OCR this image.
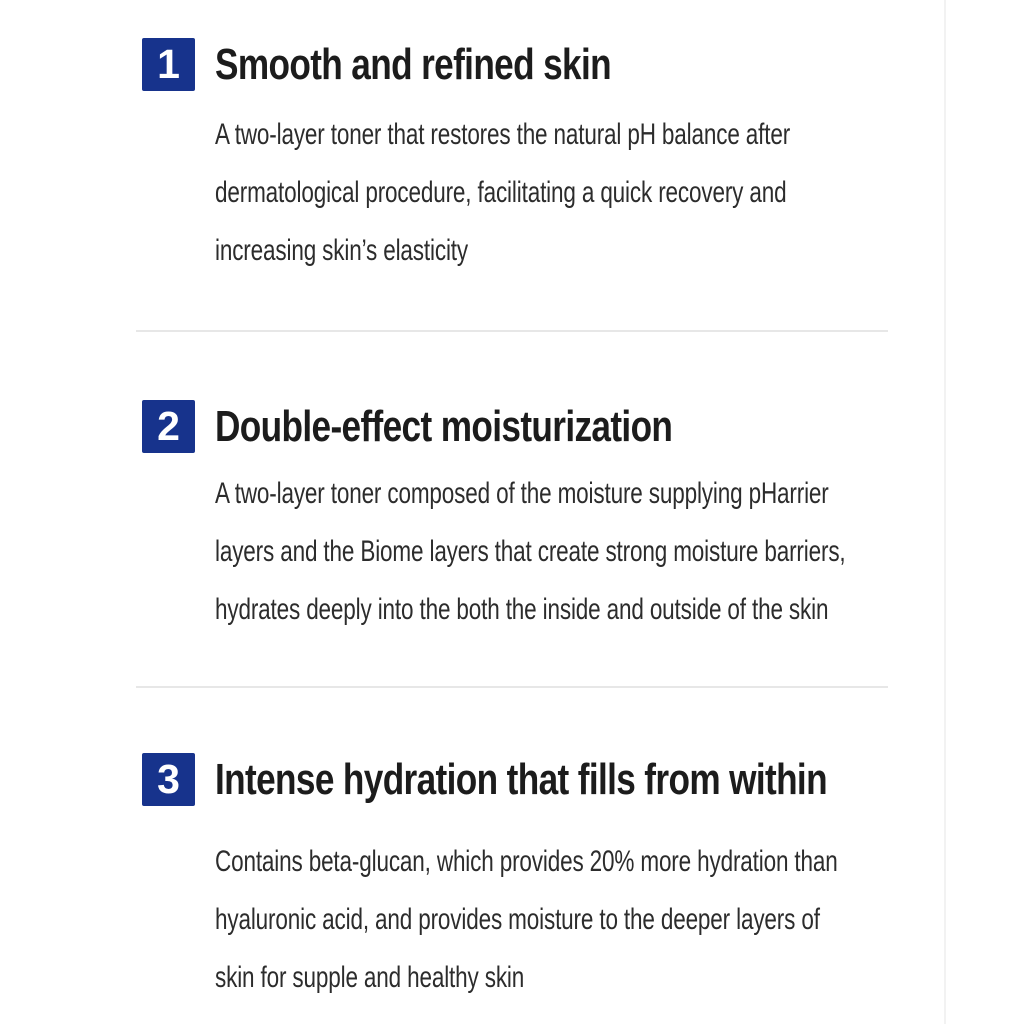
1 Smooth and refined skin
A two-layer toner that restores the natural pH balance after
dermatological procedure, facilitating a quick recovery and
increasing skin’s elasticity
2 Double-effect moisturization
A two-layer toner composed of the moisture supplying pHarrier
layers and the Biome layers that create strong moisture barriers,
hydrates deeply into the both the inside and outside of the skin
3 Intense hydration that fills from within
Contains beta-glucan, which provides 20% more hydration than
hyaluronic acid, and provides moisture to the deeper layers of
skin for supple and healthy skin
